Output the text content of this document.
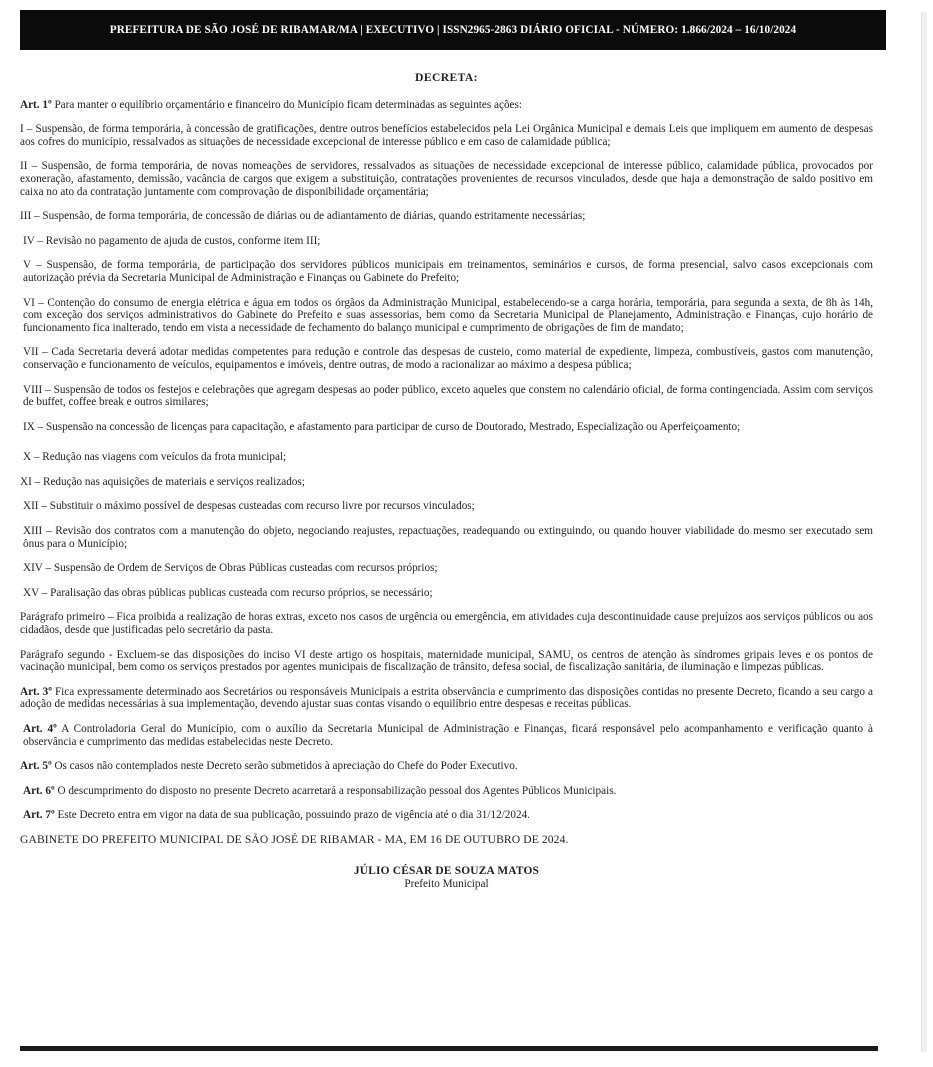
PREFEITURA DE SÃO JOSÉ DE RIBAMAR/MA | EXECUTIVO | ISSN2965-2863 DIÁRIO OFICIAL - NÚMERO: 1.866/2024 – 16/10/2024
DECRETA:

Art. 1º Para manter o equilíbrio orçamentário e financeiro do Município ficam determinadas as seguintes ações:

I – Suspensão, de forma temporária, à concessão de gratificações, dentre outros benefícios estabelecidos pela Lei Orgânica Municipal e demais Leis que impliquem em aumento de despesas aos cofres do município, ressalvados as situações de necessidade excepcional de interesse público e em caso de calamidade pública;

II – Suspensão, de forma temporária, de novas nomeações de servidores, ressalvados as situações de necessidade excepcional de interesse público, calamidade pública, provocados por exoneração, afastamento, demissão, vacância de cargos que exigem a substituição, contratações provenientes de recursos vinculados, desde que haja a demonstração de saldo positivo em caixa no ato da contratação juntamente com comprovação de disponibilidade orçamentária;

III – Suspensão, de forma temporária, de concessão de diárias ou de adiantamento de diárias, quando estritamente necessárias;

IV – Revisão no pagamento de ajuda de custos, conforme item III;

V – Suspensão, de forma temporária, de participação dos servidores públicos municipais em treinamentos, seminários e cursos, de forma presencial, salvo casos excepcionais com autorização prévia da Secretaria Municipal de Administração e Finanças ou Gabinete do Prefeito;

VI – Contenção do consumo de energia elétrica e água em todos os órgãos da Administração Municipal, estabelecendo-se a carga horária, temporária, para segunda a sexta, de 8h às 14h, com exceção dos serviços administrativos do Gabinete do Prefeito e suas assessorias, bem como da Secretaria Municipal de Planejamento, Administração e Finanças, cujo horário de funcionamento fica inalterado, tendo em vista a necessidade de fechamento do balanço municipal e cumprimento de obrigações de fim de mandato;

VII – Cada Secretaria deverá adotar medidas competentes para redução e controle das despesas de custeio, como material de expediente, limpeza, combustíveis, gastos com manutenção, conservação e funcionamento de veículos, equipamentos e imóveis, dentre outras, de modo a racionalizar ao máximo a despesa pública;

VIII – Suspensão de todos os festejos e celebrações que agregam despesas ao poder público, exceto aqueles que constem no calendário oficial, de forma contingenciada. Assim com serviços de buffet, coffee break e outros similares;

IX – Suspensão na concessão de licenças para capacitação, e afastamento para participar de curso de Doutorado, Mestrado, Especialização ou Aperfeiçoamento;

X – Redução nas viagens com veículos da frota municipal;

XI – Redução nas aquisições de materiais e serviços realizados;

XII – Substituir o máximo possível de despesas custeadas com recurso livre por recursos vinculados;

XIII – Revisão dos contratos com a manutenção do objeto, negociando reajustes, repactuações, readequando ou extinguindo, ou quando houver viabilidade do mesmo ser executado sem ônus para o Município;

XIV – Suspensão de Ordem de Serviços de Obras Públicas custeadas com recursos próprios;

XV – Paralisação das obras públicas publicas custeada com recurso próprios, se necessário;

Parágrafo primeiro – Fica proibida a realização de horas extras, exceto nos casos de urgência ou emergência, em atividades cuja descontinuidade cause prejuízos aos serviços públicos ou aos cidadãos, desde que justificadas pelo secretário da pasta.

Parágrafo segundo - Excluem-se das disposições do inciso VI deste artigo os hospitais, maternidade municipal, SAMU, os centros de atenção às síndromes gripais leves e os pontos de vacinação municipal, bem como os serviços prestados por agentes municipais de fiscalização de trânsito, defesa social, de fiscalização sanitária, de iluminação e limpezas públicas.

Art. 3º Fica expressamente determinado aos Secretários ou responsáveis Municipais a estrita observância e cumprimento das disposições contidas no presente Decreto, ficando a seu cargo a adoção de medidas necessárias à sua implementação, devendo ajustar suas contas visando o equilíbrio entre despesas e receitas públicas.

Art. 4º A Controladoria Geral do Município, com o auxílio da Secretaria Municipal de Administração e Finanças, ficará responsável pelo acompanhamento e verificação quanto à observância e cumprimento das medidas estabelecidas neste Decreto.

Art. 5º Os casos não contemplados neste Decreto serão submetidos à apreciação do Chefe do Poder Executivo.

Art. 6º O descumprimento do disposto no presente Decreto acarretará a responsabilização pessoal dos Agentes Públicos Municipais.

Art. 7º Este Decreto entra em vigor na data de sua publicação, possuindo prazo de vigência até o dia 31/12/2024.

GABINETE DO PREFEITO MUNICIPAL DE SÃO JOSÉ DE RIBAMAR - MA, EM 16 DE OUTUBRO DE 2024.
JÚLIO CÉSAR DE SOUZA MATOS
Prefeito Municipal
